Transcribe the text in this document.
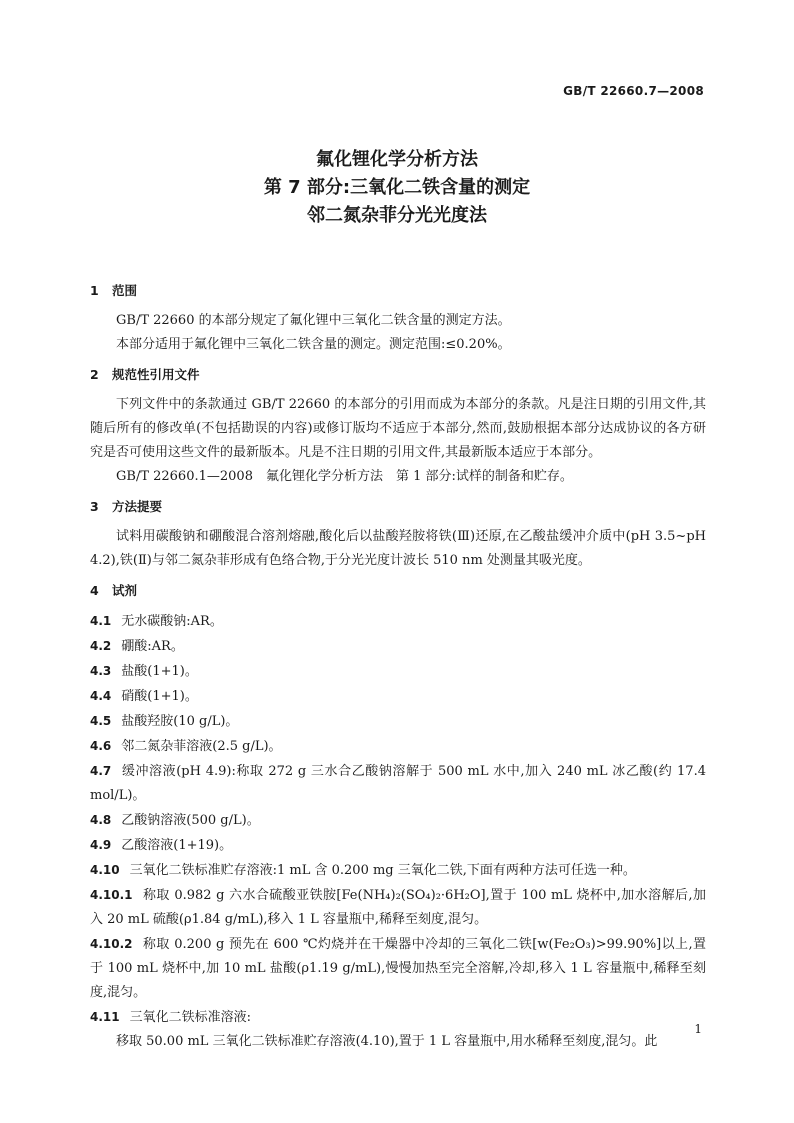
GB/T 22660.7—2008
氟化锂化学分析方法
第 7 部分:三氧化二铁含量的测定
邻二氮杂菲分光光度法
1 范围

GB/T 22660 的本部分规定了氟化锂中三氧化二铁含量的测定方法。

本部分适用于氟化锂中三氧化二铁含量的测定。测定范围:≤0.20%。

2 规范性引用文件

下列文件中的条款通过 GB/T 22660 的本部分的引用而成为本部分的条款。凡是注日期的引用文件,其随后所有的修改单(不包括勘误的内容)或修订版均不适应于本部分,然而,鼓励根据本部分达成协议的各方研究是否可使用这些文件的最新版本。凡是不注日期的引用文件,其最新版本适应于本部分。

GB/T 22660.1—2008　氟化锂化学分析方法　第 1 部分:试样的制备和贮存。

3 方法提要

试料用碳酸钠和硼酸混合溶剂熔融,酸化后以盐酸羟胺将铁(Ⅲ)还原,在乙酸盐缓冲介质中(pH 3.5~pH 4.2),铁(Ⅱ)与邻二氮杂菲形成有色络合物,于分光光度计波长 510 nm 处测量其吸光度。

4 试剂

4.1 无水碳酸钠:AR。

4.2 硼酸:AR。

4.3 盐酸(1+1)。

4.4 硝酸(1+1)。

4.5 盐酸羟胺(10 g/L)。

4.6 邻二氮杂菲溶液(2.5 g/L)。

4.7 缓冲溶液(pH 4.9):称取 272 g 三水合乙酸钠溶解于 500 mL 水中,加入 240 mL 冰乙酸(约 17.4 mol/L)。

4.8 乙酸钠溶液(500 g/L)。

4.9 乙酸溶液(1+19)。

4.10 三氧化二铁标准贮存溶液:1 mL 含 0.200 mg 三氧化二铁,下面有两种方法可任选一种。

4.10.1 称取 0.982 g 六水合硫酸亚铁胺[Fe(NH₄)₂(SO₄)₂·6H₂O],置于 100 mL 烧杯中,加水溶解后,加入 20 mL 硫酸(ρ1.84 g/mL),移入 1 L 容量瓶中,稀释至刻度,混匀。

4.10.2 称取 0.200 g 预先在 600 ℃灼烧并在干燥器中冷却的三氧化二铁[w(Fe₂O₃)>99.90%]以上,置于 100 mL 烧杯中,加 10 mL 盐酸(ρ1.19 g/mL),慢慢加热至完全溶解,冷却,移入 1 L 容量瓶中,稀释至刻度,混匀。

4.11 三氧化二铁标准溶液:

移取 50.00 mL 三氧化二铁标准贮存溶液(4.10),置于 1 L 容量瓶中,用水稀释至刻度,混匀。此

1
